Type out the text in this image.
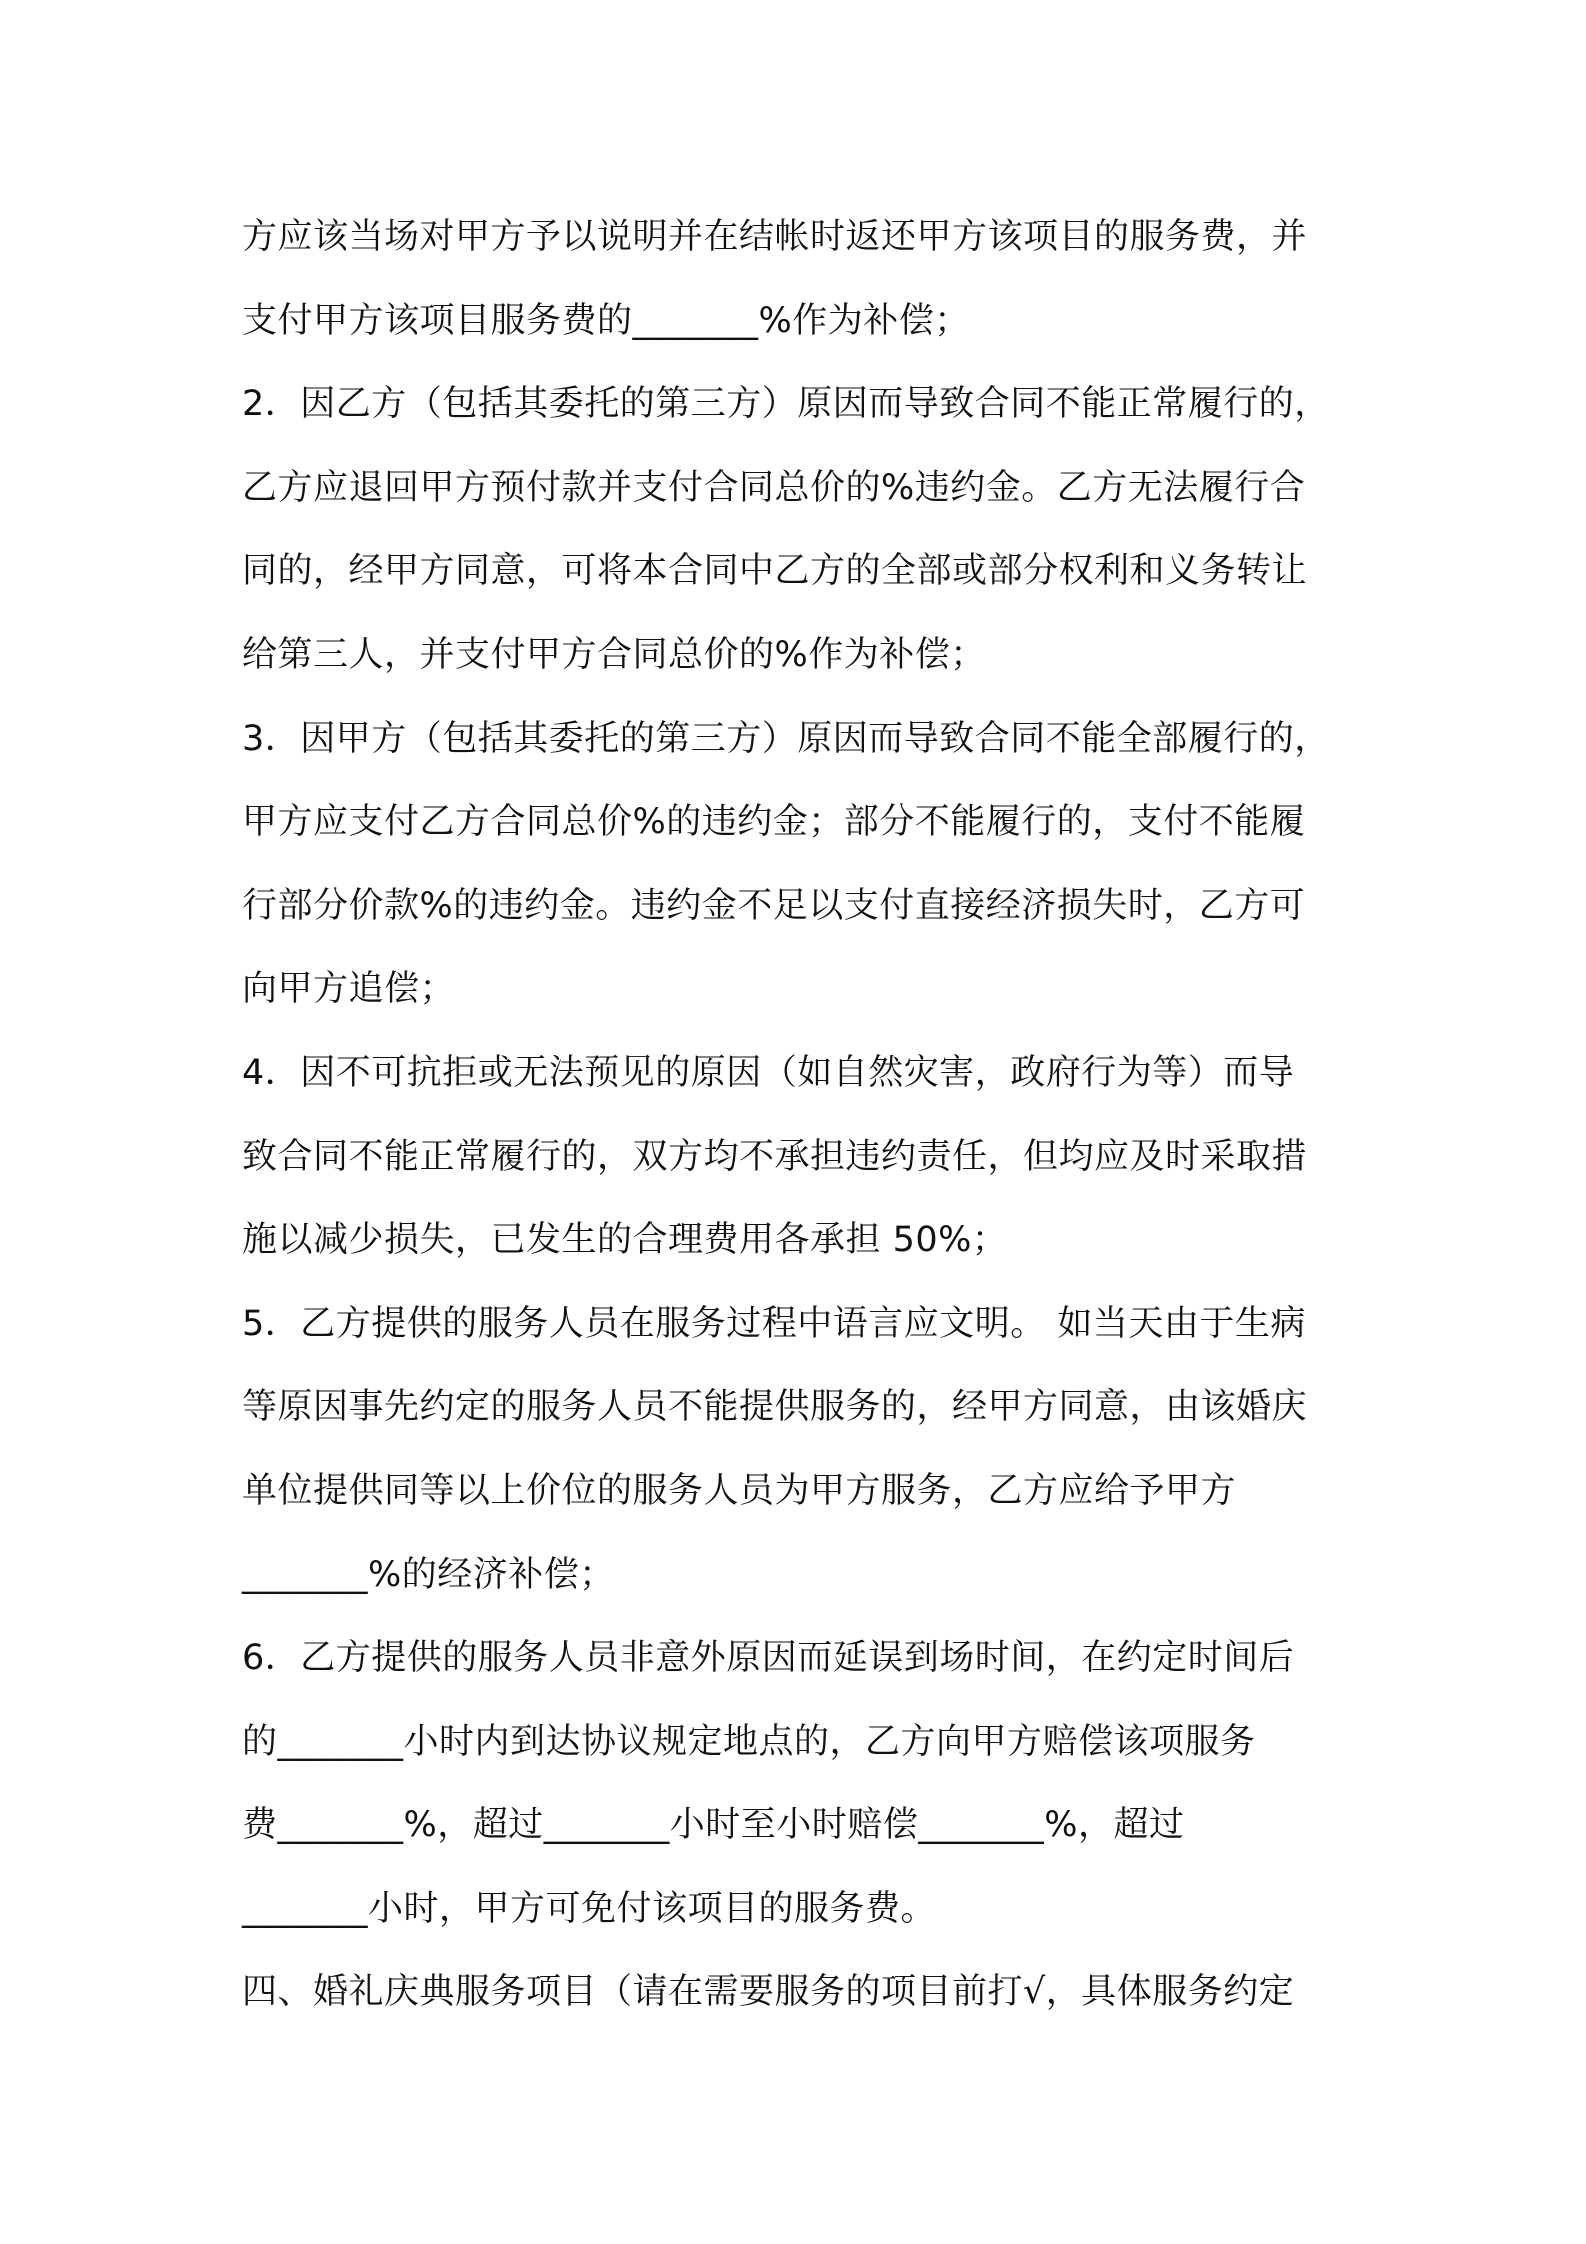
方应该当场对甲方予以说明并在结帐时返还甲方该项目的服务费，并
支付甲方该项目服务费的_______%作为补偿；
2．因乙方（包括其委托的第三方）原因而导致合同不能正常履行的，
乙方应退回甲方预付款并支付合同总价的%违约金。乙方无法履行合
同的，经甲方同意，可将本合同中乙方的全部或部分权利和义务转让
给第三人，并支付甲方合同总价的%作为补偿；
3．因甲方（包括其委托的第三方）原因而导致合同不能全部履行的，
甲方应支付乙方合同总价%的违约金；部分不能履行的，支付不能履
行部分价款%的违约金。违约金不足以支付直接经济损失时，乙方可
向甲方追偿；
4．因不可抗拒或无法预见的原因（如自然灾害，政府行为等）而导
致合同不能正常履行的，双方均不承担违约责任，但均应及时采取措
施以减少损失，已发生的合理费用各承担 50%；
5．乙方提供的服务人员在服务过程中语言应文明。 如当天由于生病
等原因事先约定的服务人员不能提供服务的，经甲方同意，由该婚庆
单位提供同等以上价位的服务人员为甲方服务，乙方应给予甲方
_______%的经济补偿；
6．乙方提供的服务人员非意外原因而延误到场时间，在约定时间后
的_______小时内到达协议规定地点的，乙方向甲方赔偿该项服务
费_______%，超过_______小时至小时赔偿_______%，超过
_______小时，甲方可免付该项目的服务费。
四、婚礼庆典服务项目（请在需要服务的项目前打√，具体服务约定
